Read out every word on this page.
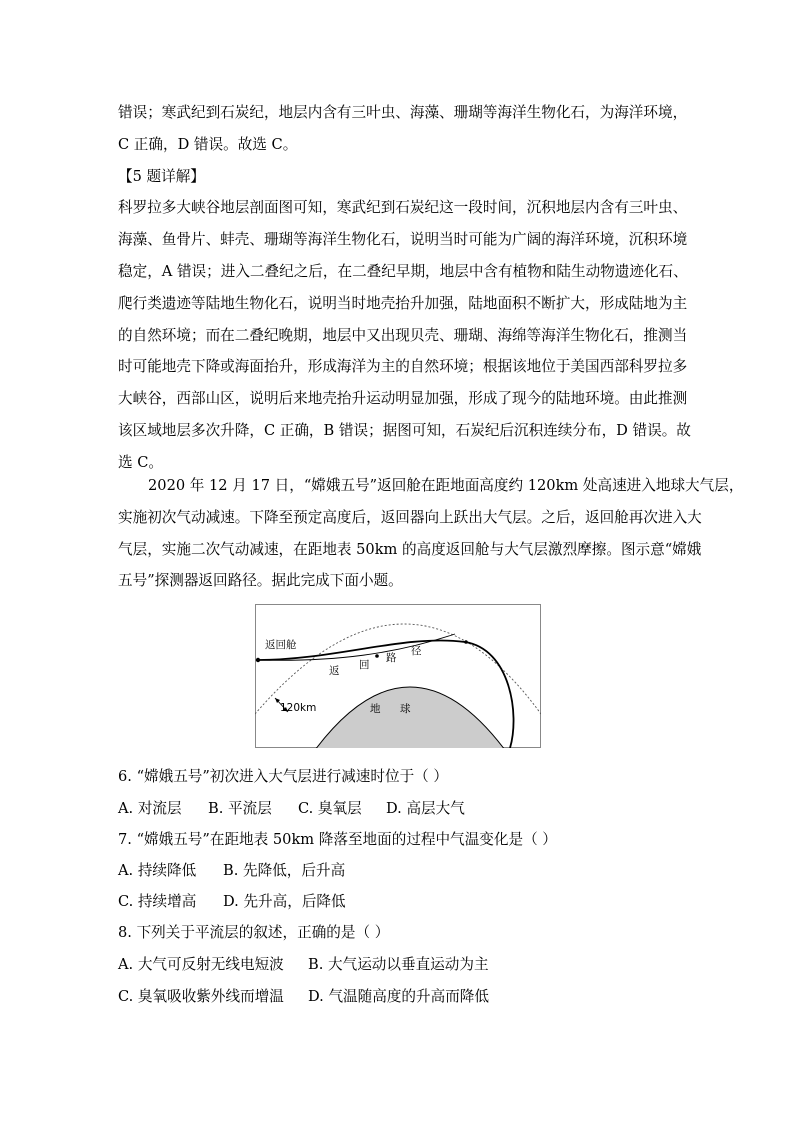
错误；寒武纪到石炭纪，地层内含有三叶虫、海藻、珊瑚等海洋生物化石，为海洋环境，
C 正确，D 错误。故选 C。
【5 题详解】
科罗拉多大峡谷地层剖面图可知，寒武纪到石炭纪这一段时间，沉积地层内含有三叶虫、
海藻、鱼骨片、蚌壳、珊瑚等海洋生物化石，说明当时可能为广阔的海洋环境，沉积环境
稳定，A 错误；进入二叠纪之后，在二叠纪早期，地层中含有植物和陆生动物遗迹化石、
爬行类遗迹等陆地生物化石，说明当时地壳抬升加强，陆地面积不断扩大，形成陆地为主
的自然环境；而在二叠纪晚期，地层中又出现贝壳、珊瑚、海绵等海洋生物化石，推测当
时可能地壳下降或海面抬升，形成海洋为主的自然环境；根据该地位于美国西部科罗拉多
大峡谷，西部山区，说明后来地壳抬升运动明显加强，形成了现今的陆地环境。由此推测
该区域地层多次升降，C 正确，B 错误；据图可知，石炭纪后沉积连续分布，D 错误。故
选 C。
2020 年 12 月 17 日，“嫦娥五号”返回舱在距地面高度约 120km 处高速进入地球大气层，
实施初次气动减速。下降至预定高度后，返回器向上跃出大气层。之后，返回舱再次进入大
气层，实施二次气动减速，在距地表 50km 的高度返回舱与大气层激烈摩擦。图示意“嫦娥
五号”探测器返回路径。据此完成下面小题。
返回舱
返 回
路
径
120km	地 球
6. “嫦娥五号”初次进入大气层进行减速时位于（ ）
A. 对流层 B. 平流层 C. 臭氧层 D. 高层大气
7. “嫦娥五号”在距地表 50km 降落至地面的过程中气温变化是（ ）
A. 持续降低 B. 先降低，后升高
C. 持续增高 D. 先升高，后降低
8. 下列关于平流层的叙述，正确的是（ ）
A. 大气可反射无线电短波 B. 大气运动以垂直运动为主
C. 臭氧吸收紫外线而增温 D. 气温随高度的升高而降低
